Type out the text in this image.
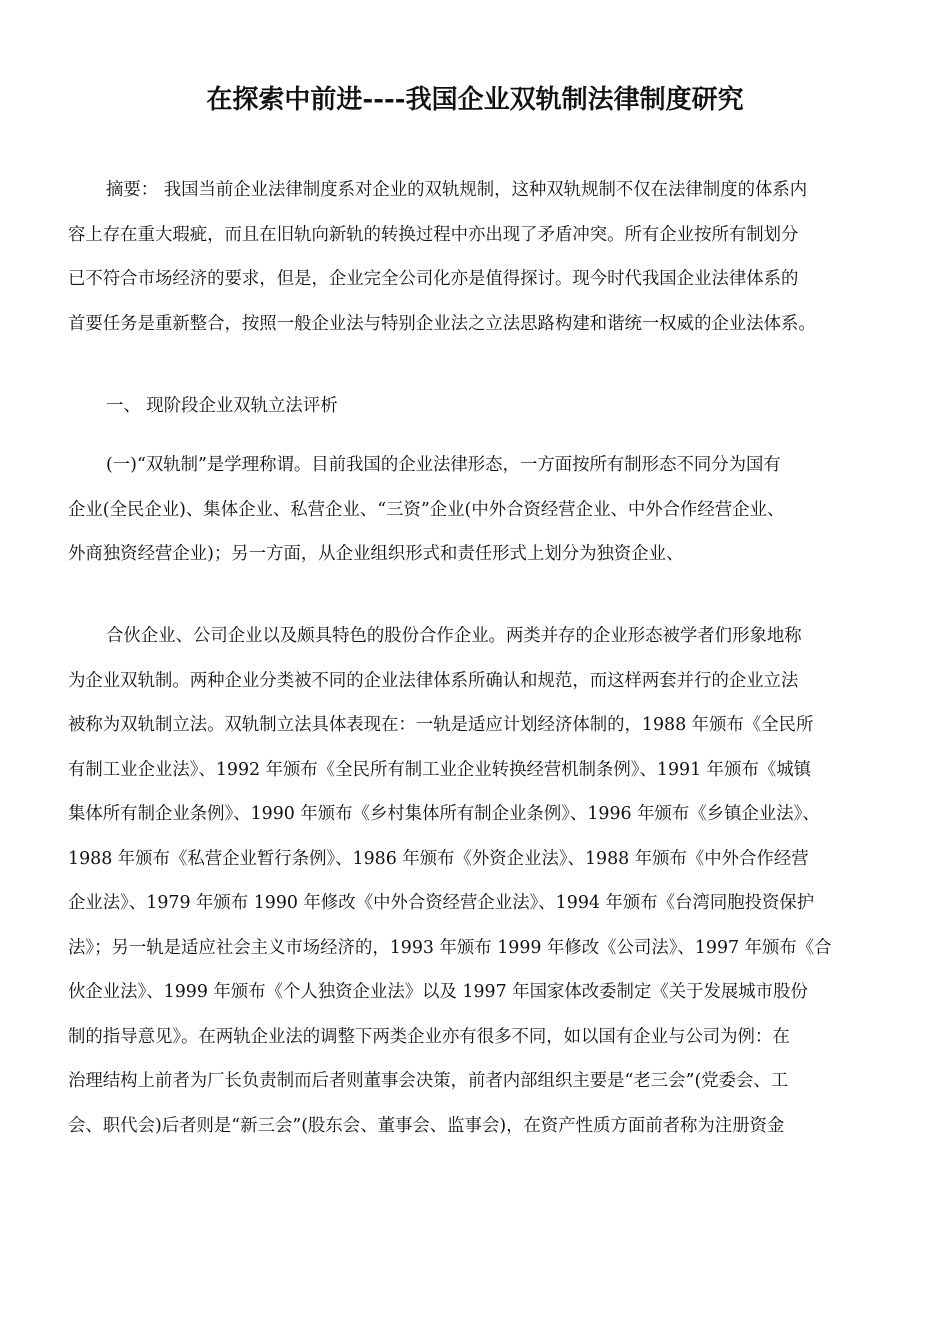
在探索中前进----我国企业双轨制法律制度研究
摘要： 我国当前企业法律制度系对企业的双轨规制，这种双轨规制不仅在法律制度的体系内
容上存在重大瑕疵，而且在旧轨向新轨的转换过程中亦出现了矛盾冲突。所有企业按所有制划分
已不符合市场经济的要求，但是，企业完全公司化亦是值得探讨。现今时代我国企业法律体系的
首要任务是重新整合，按照一般企业法与特别企业法之立法思路构建和谐统一权威的企业法体系。
一、 现阶段企业双轨立法评析
(一)“双轨制”是学理称谓。目前我国的企业法律形态，一方面按所有制形态不同分为国有
企业(全民企业)、集体企业、私营企业、“三资”企业(中外合资经营企业、中外合作经营企业、
外商独资经营企业)；另一方面，从企业组织形式和责任形式上划分为独资企业、
合伙企业、公司企业以及颇具特色的股份合作企业。两类并存的企业形态被学者们形象地称
为企业双轨制。两种企业分类被不同的企业法律体系所确认和规范，而这样两套并行的企业立法
被称为双轨制立法。双轨制立法具体表现在：一轨是适应计划经济体制的，1988 年颁布《全民所
有制工业企业法》、1992 年颁布《全民所有制工业企业转换经营机制条例》、1991 年颁布《城镇
集体所有制企业条例》、1990 年颁布《乡村集体所有制企业条例》、1996 年颁布《乡镇企业法》、
1988 年颁布《私营企业暂行条例》、1986 年颁布《外资企业法》、1988 年颁布《中外合作经营
企业法》、1979 年颁布 1990 年修改《中外合资经营企业法》、1994 年颁布《台湾同胞投资保护
法》；另一轨是适应社会主义市场经济的，1993 年颁布 1999 年修改《公司法》、1997 年颁布《合
伙企业法》、1999 年颁布《个人独资企业法》以及 1997 年国家体改委制定《关于发展城市股份
制的指导意见》。在两轨企业法的调整下两类企业亦有很多不同，如以国有企业与公司为例：在
治理结构上前者为厂长负责制而后者则董事会决策，前者内部组织主要是“老三会”(党委会、工
会、职代会)后者则是“新三会”(股东会、董事会、监事会)，在资产性质方面前者称为注册资金
